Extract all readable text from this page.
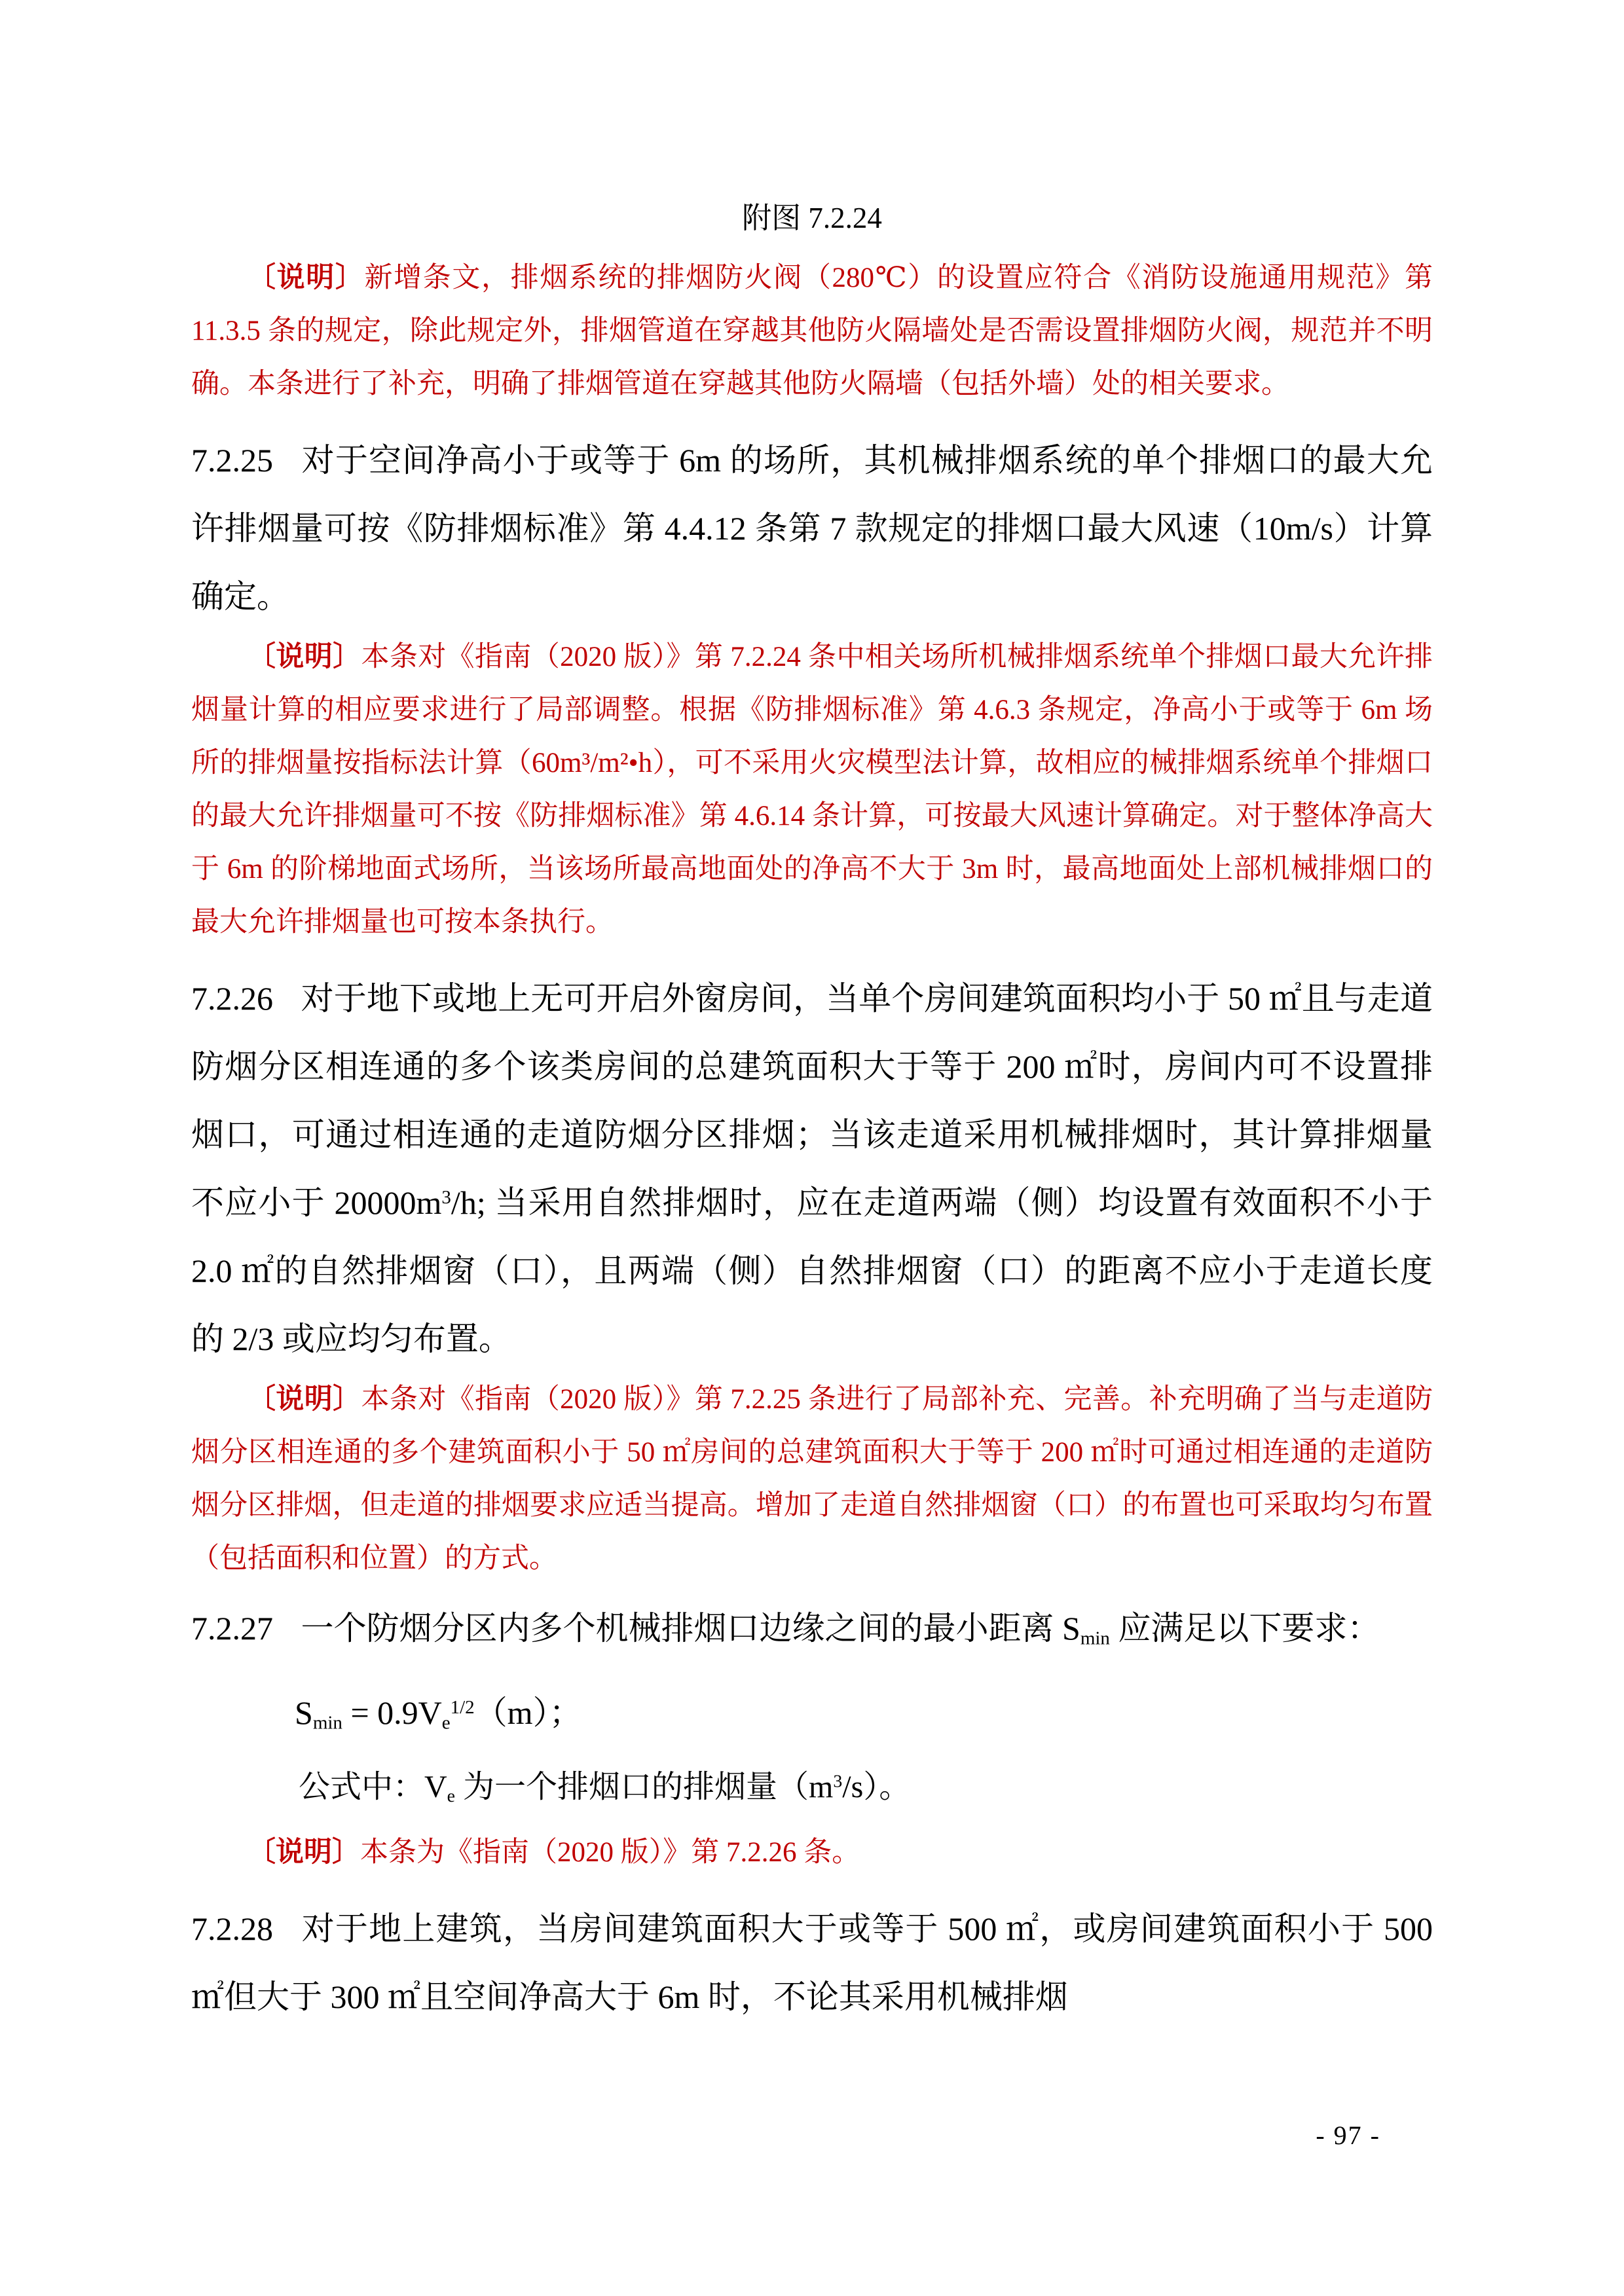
附图 7.2.24

〔说明〕新增条文，排烟系统的排烟防火阀（280℃）的设置应符合《消防设施通用规范》第 11.3.5 条的规定，除此规定外，排烟管道在穿越其他防火隔墙处是否需设置排烟防火阀，规范并不明确。本条进行了补充，明确了排烟管道在穿越其他防火隔墙（包括外墙）处的相关要求。

7.2.25 对于空间净高小于或等于 6m 的场所，其机械排烟系统的单个排烟口的最大允许排烟量可按《防排烟标准》第 4.4.12 条第 7 款规定的排烟口最大风速（10m/s）计算确定。

〔说明〕本条对《指南（2020 版）》第 7.2.24 条中相关场所机械排烟系统单个排烟口最大允许排烟量计算的相应要求进行了局部调整。根据《防排烟标准》第 4.6.3 条规定，净高小于或等于 6m 场所的排烟量按指标法计算（60m³/m²•h），可不采用火灾模型法计算，故相应的械排烟系统单个排烟口的最大允许排烟量可不按《防排烟标准》第 4.6.14 条计算，可按最大风速计算确定。对于整体净高大于 6m 的阶梯地面式场所，当该场所最高地面处的净高不大于 3m 时，最高地面处上部机械排烟口的最大允许排烟量也可按本条执行。

7.2.26 对于地下或地上无可开启外窗房间，当单个房间建筑面积均小于 50 ㎡且与走道防烟分区相连通的多个该类房间的总建筑面积大于等于 200 ㎡时，房间内可不设置排烟口，可通过相连通的走道防烟分区排烟；当该走道采用机械排烟时，其计算排烟量不应小于 $20000m^3/h$; 当采用自然排烟时，应在走道两端（侧）均设置有效面积不小于 2.0 ㎡的自然排烟窗（口），且两端（侧）自然排烟窗（口）的距离不应小于走道长度的 2/3 或应均匀布置。

〔说明〕本条对《指南（2020 版）》第 7.2.25 条进行了局部补充、完善。补充明确了当与走道防烟分区相连通的多个建筑面积小于 50 ㎡房间的总建筑面积大于等于 200 ㎡时可通过相连通的走道防烟分区排烟，但走道的排烟要求应适当提高。增加了走道自然排烟窗（口）的布置也可采取均匀布置（包括面积和位置）的方式。

7.2.27 一个防烟分区内多个机械排烟口边缘之间的最小距离 $S_{min}$ 应满足以下要求：

$S_{min} = 0.9V_e^{1/2}(m)$；

公式中：$V_e$ 为一个排烟口的排烟量$(m^3/s)$。

〔说明〕本条为《指南（2020 版）》第 7.2.26 条。

7.2.28 对于地上建筑，当房间建筑面积大于或等于 500 ㎡，或房间建筑面积小于 500 ㎡但大于 300 ㎡且空间净高大于 6m 时，不论其采用机械排烟

- 97 -
